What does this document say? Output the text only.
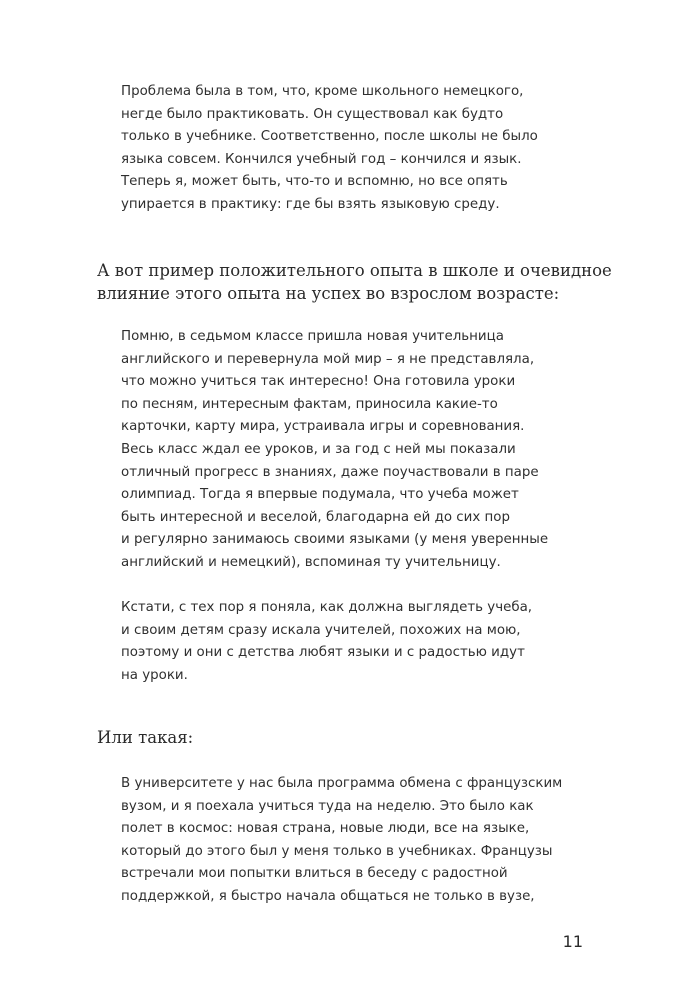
Проблема была в том, что, кроме школьного немецкого,
негде было практиковать. Он существовал как будто
только в учебнике. Соответственно, после школы не было
языка совсем. Кончился учебный год – кончился и язык.
Теперь я, может быть, что-то и вспомню, но все опять
упирается в практику: где бы взять языковую среду.

А вот пример положительного опыта в школе и очевидное
влияние этого опыта на успех во взрослом возрасте:

Помню, в седьмом классе пришла новая учительница
английского и перевернула мой мир – я не представляла,
что можно учиться так интересно! Она готовила уроки
по песням, интересным фактам, приносила какие-то
карточки, карту мира, устраивала игры и соревнования.
Весь класс ждал ее уроков, и за год с ней мы показали
отличный прогресс в знаниях, даже поучаствовали в паре
олимпиад. Тогда я впервые подумала, что учеба может
быть интересной и веселой, благодарна ей до сих пор
и регулярно занимаюсь своими языками (у меня уверенные
английский и немецкий), вспоминая ту учительницу.

Кстати, с тех пор я поняла, как должна выглядеть учеба,
и своим детям сразу искала учителей, похожих на мою,
поэтому и они с детства любят языки и с радостью идут
на уроки.

Или такая:

В университете у нас была программа обмена с французским
вузом, и я поехала учиться туда на неделю. Это было как
полет в космос: новая страна, новые люди, все на языке,
который до этого был у меня только в учебниках. Французы
встречали мои попытки влиться в беседу с радостной
поддержкой, я быстро начала общаться не только в вузе,

11
